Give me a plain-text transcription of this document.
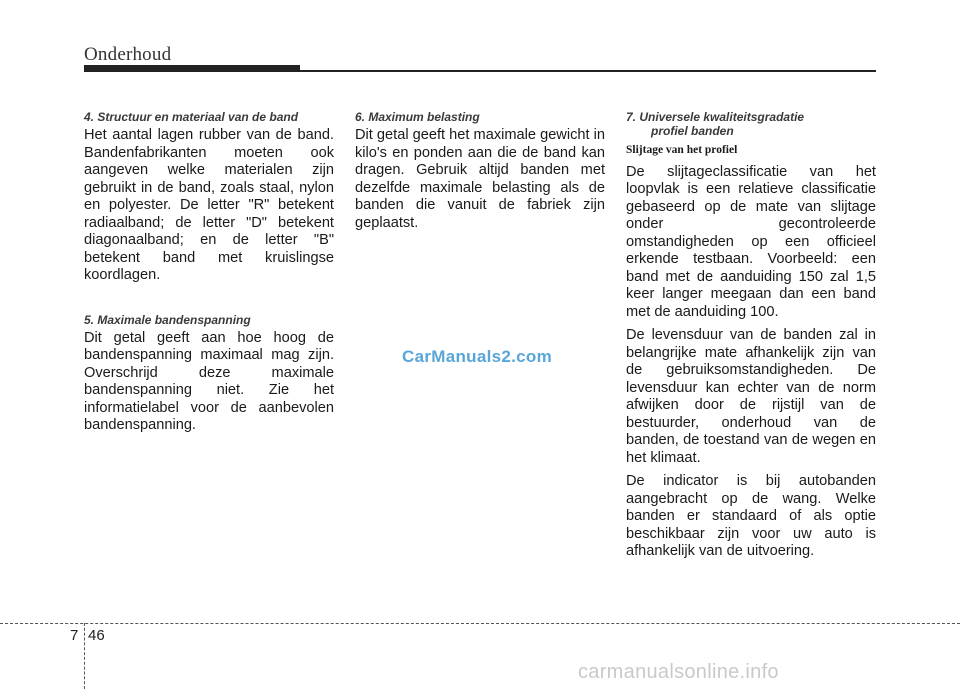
Onderhoud
4. Structuur en materiaal van de band
Het aantal lagen rubber van de band. Bandenfabrikanten moeten ook aangeven welke materialen zijn gebruikt in de band, zoals staal, nylon en polyester. De letter "R" betekent radiaalband; de letter "D" betekent diagonaalband; en de letter "B" betekent band met kruislingse koordlagen.
5. Maximale bandenspanning
Dit getal geeft aan hoe hoog de bandenspanning maximaal mag zijn. Overschrijd deze maximale bandenspanning niet. Zie het informatielabel voor de aanbevolen bandenspanning.
6. Maximum belasting
Dit getal geeft het maximale gewicht in kilo's en ponden aan die de band kan dragen. Gebruik altijd banden met dezelfde maximale belasting als de banden die vanuit de fabriek zijn geplaatst.
7. Universele kwaliteitsgradatie
profiel banden
Slijtage van het profiel
De slijtageclassificatie van het loopvlak is een relatieve classificatie gebaseerd op de mate van slijtage onder gecontroleerde omstandigheden op een officieel erkende testbaan. Voorbeeld: een band met de aanduiding 150 zal 1,5 keer langer meegaan dan een band met de aanduiding 100.
De levensduur van de banden zal in belangrijke mate afhankelijk zijn van de gebruiksomstandigheden. De levensduur kan echter van de norm afwijken door de rijstijl van de bestuurder, onderhoud van de banden, de toestand van de wegen en het klimaat.
De indicator is bij autobanden aangebracht op de wang. Welke banden er standaard of als optie beschikbaar zijn voor uw auto is afhankelijk van de uitvoering.
CarManuals2.com
7 46
carmanualsonline.info
